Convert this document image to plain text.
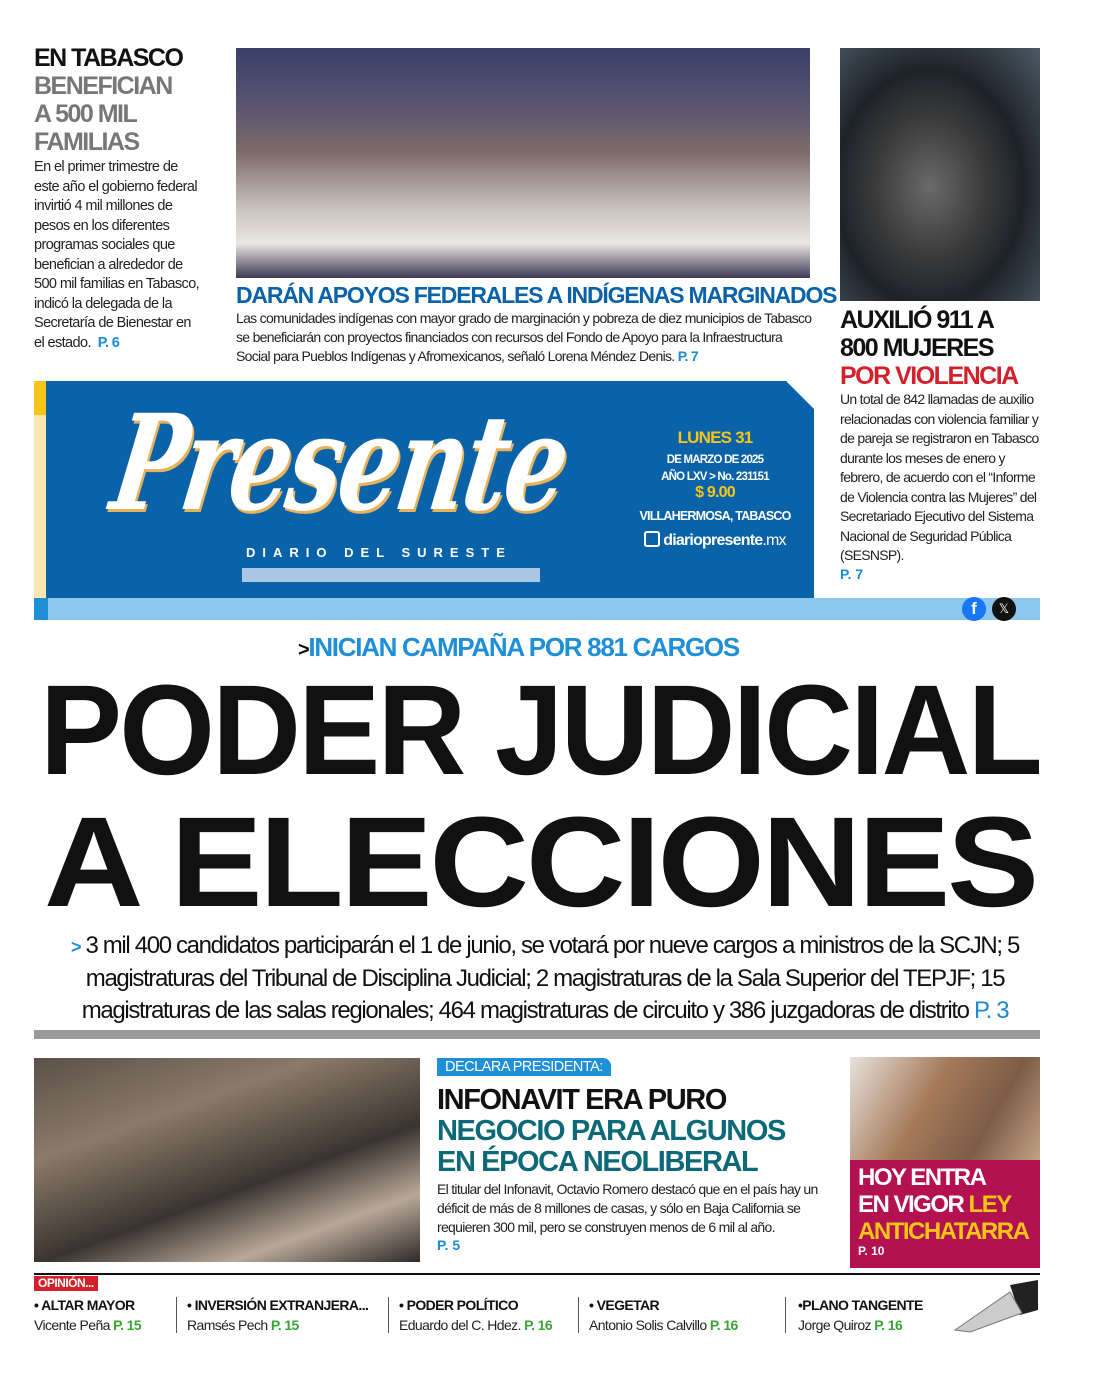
EN TABASCO
BENEFICIAN
A 500 MIL
FAMILIAS
En el primer trimestre de este año el gobierno federal invirtió 4 mil millones de pesos en los diferentes programas sociales que benefician a alrededor de 500 mil familias en Tabasco, indicó la delegada de la Secretaría de Bienestar en el estado. P. 6
DARÁN APOYOS FEDERALES A INDÍGENAS MARGINADOS
Las comunidades indígenas con mayor grado de marginación y pobreza de diez municipios de Tabasco se beneficiarán con proyectos financiados con recursos del Fondo de Apoyo para la Infraestructura Social para Pueblos Indígenas y Afromexicanos, señaló Lorena Méndez Denis. P. 7
AUXILIÓ 911 A
800 MUJERES
POR VIOLENCIA
Un total de 842 llamadas de auxilio relacionadas con violencia familiar y de pareja se registraron en Tabasco durante los meses de enero y febrero, de acuerdo con el “Informe de Violencia contra las Mujeres” del Secretariado Ejecutivo del Sistema Nacional de Seguridad Pública (SESNSP).
P. 7
Presente
DIARIO DEL SURESTE
LUNES 31
DE MARZO DE 2025
AÑO LXV > No. 231151
$ 9.00
VILLAHERMOSA, TABASCO
diariopresente.mx
f	𝕏
>INICIAN CAMPAÑA POR 881 CARGOS
PODER JUDICIAL
A ELECCIONES
> 3 mil 400 candidatos participarán el 1 de junio, se votará por nueve cargos a ministros de la SCJN; 5 magistraturas del Tribunal de Disciplina Judicial; 2 magistraturas de la Sala Superior del TEPJF; 15 magistraturas de las salas regionales; 464 magistraturas de circuito y 386 juzgadoras de distrito P. 3
DECLARA PRESIDENTA:
INFONAVIT ERA PURO
NEGOCIO PARA ALGUNOS
EN ÉPOCA NEOLIBERAL
El titular del Infonavit, Octavio Romero destacó que en el país hay un déficit de más de 8 millones de casas, y sólo en Baja California se requieren 300 mil, pero se construyen menos de 6 mil al año.
P. 5
HOY ENTRA
EN VIGOR LEY
ANTICHATARRA
P. 10
OPINIÓN...
• ALTAR MAYOR
Vicente Peña P. 15
• INVERSIÓN EXTRANJERA...
Ramsés Pech P. 15
• PODER POLÍTICO
Eduardo del C. Hdez. P. 16
• VEGETAR
Antonio Solis Calvillo P. 16
•PLANO TANGENTE
Jorge Quiroz P. 16
